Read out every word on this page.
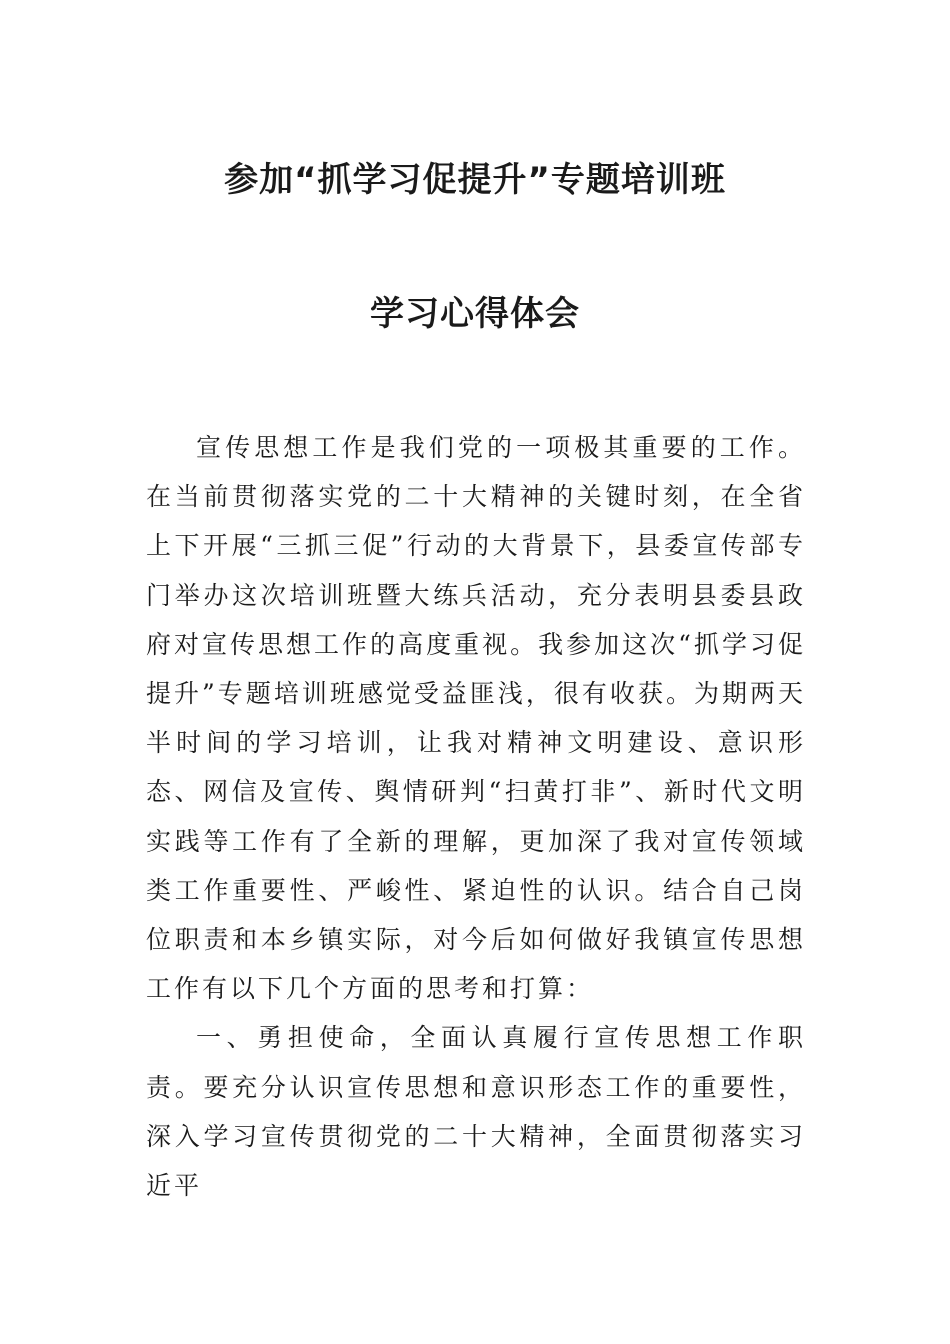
参加“抓学习促提升”专题培训班
学习心得体会

宣传思想工作是我们党的一项极其重要的工作。在当前贯彻落实党的二十大精神的关键时刻，在全省上下开展“三抓三促”行动的大背景下，县委宣传部专门举办这次培训班暨大练兵活动，充分表明县委县政府对宣传思想工作的高度重视。我参加这次“抓学习促提升”专题培训班感觉受益匪浅，很有收获。为期两天半时间的学习培训，让我对精神文明建设、意识形态、网信及宣传、舆情研判“扫黄打非”、新时代文明实践等工作有了全新的理解，更加深了我对宣传领域类工作重要性、严峻性、紧迫性的认识。结合自己岗位职责和本乡镇实际，对今后如何做好我镇宣传思想工作有以下几个方面的思考和打算：

一、勇担使命，全面认真履行宣传思想工作职责。要充分认识宣传思想和意识形态工作的重要性，深入学习宣传贯彻党的二十大精神，全面贯彻落实习近平
